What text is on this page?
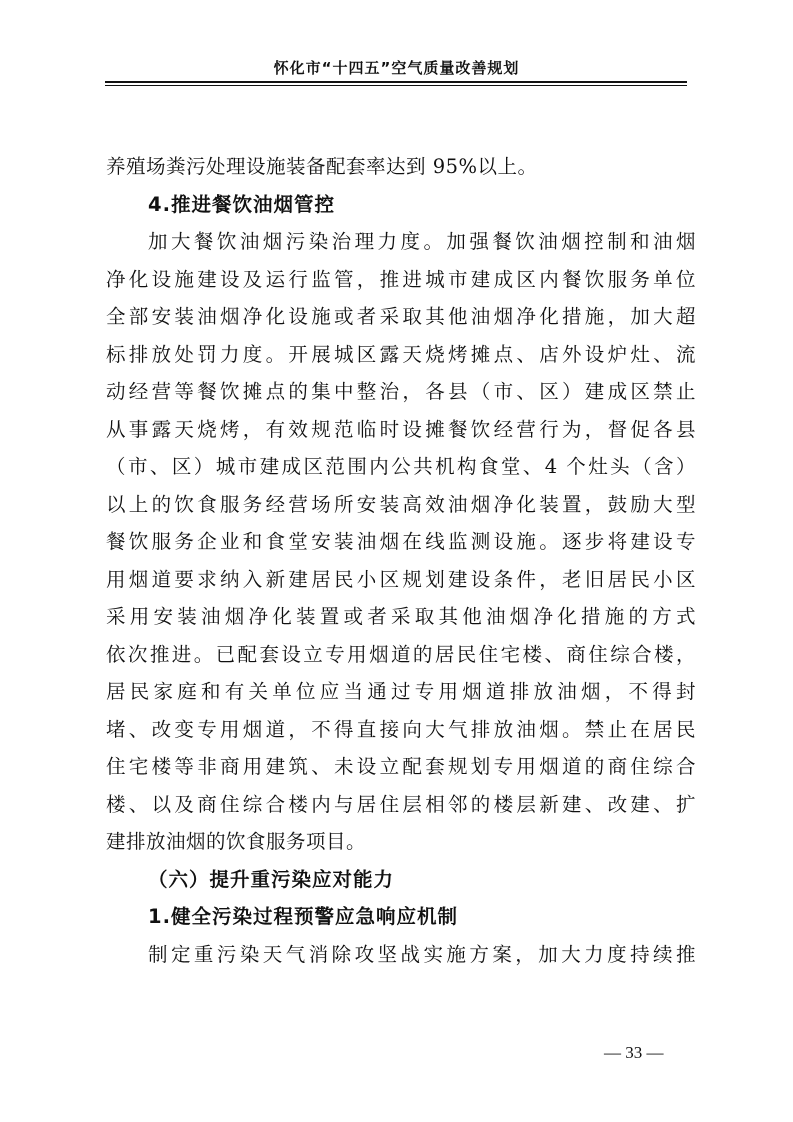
怀化市“十四五”空气质量改善规划
养殖场粪污处理设施装备配套率达到 95%以上。
4.推进餐饮油烟管控
加大餐饮油烟污染治理力度。加强餐饮油烟控制和油烟
净化设施建设及运行监管，推进城市建成区内餐饮服务单位
全部安装油烟净化设施或者采取其他油烟净化措施，加大超
标排放处罚力度。开展城区露天烧烤摊点、店外设炉灶、流
动经营等餐饮摊点的集中整治，各县（市、区）建成区禁止
从事露天烧烤，有效规范临时设摊餐饮经营行为，督促各县
（市、区）城市建成区范围内公共机构食堂、4 个灶头（含）
以上的饮食服务经营场所安装高效油烟净化装置，鼓励大型
餐饮服务企业和食堂安装油烟在线监测设施。逐步将建设专
用烟道要求纳入新建居民小区规划建设条件，老旧居民小区
采用安装油烟净化装置或者采取其他油烟净化措施的方式
依次推进。已配套设立专用烟道的居民住宅楼、商住综合楼，
居民家庭和有关单位应当通过专用烟道排放油烟，不得封
堵、改变专用烟道，不得直接向大气排放油烟。禁止在居民
住宅楼等非商用建筑、未设立配套规划专用烟道的商住综合
楼、以及商住综合楼内与居住层相邻的楼层新建、改建、扩
建排放油烟的饮食服务项目。
（六）提升重污染应对能力
1.健全污染过程预警应急响应机制
制定重污染天气消除攻坚战实施方案，加大力度持续推
— 33 —
